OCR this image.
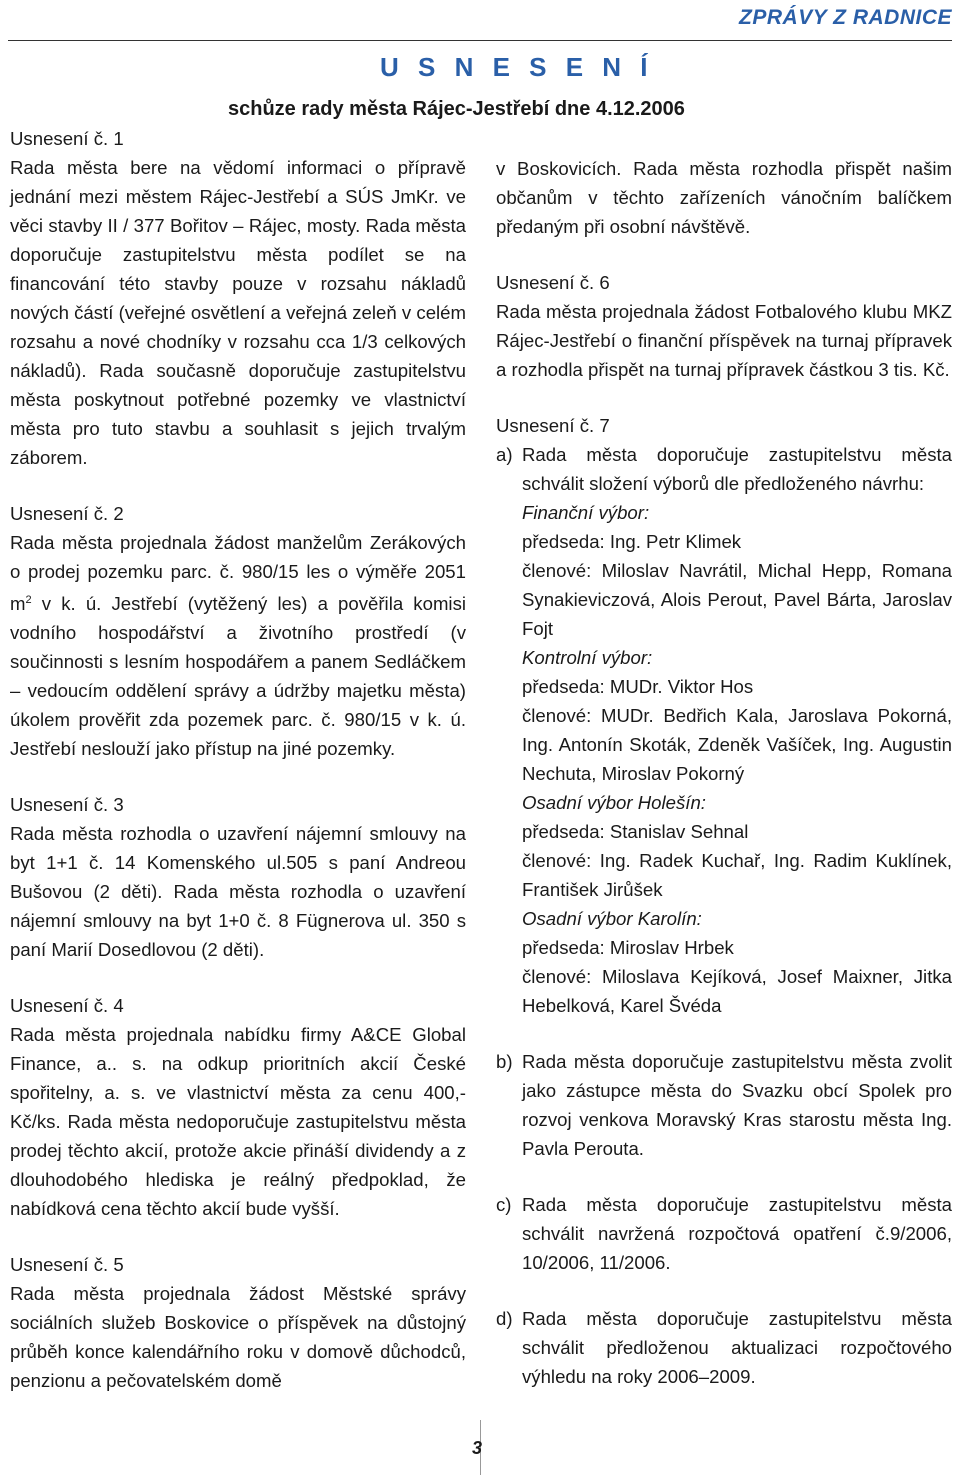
ZPRÁVY Z RADNICE
U S N E S E N Í
schůze rady města Rájec-Jestřebí dne 4.12.2006
Usnesení č. 1
Rada města bere na vědomí informaci o přípravě jednání mezi městem Rájec-Jestřebí a SÚS JmKr. ve věci stavby II / 377 Bořitov – Rájec, mosty. Rada města doporučuje zastupitelstvu města podílet se na financování této stavby pouze v rozsahu nákladů nových částí (veřejné osvětlení a veřejná zeleň v celém rozsahu a nové chodníky v rozsahu cca 1/3 celkových nákladů). Rada současně doporučuje zastupitelstvu města poskytnout potřebné pozemky ve vlastnictví města pro tuto stavbu a souhlasit s jejich trvalým záborem.
Usnesení č. 2
Rada města projednala žádost manželům Zerákových o prodej pozemku parc. č. 980/15 les o výměře 2051 $m^2$ v k. ú. Jestřebí (vytěžený les) a pověřila komisi vodního hospodářství a životního prostředí (v součinnosti s lesním hospodářem a panem Sedláčkem – vedoucím oddělení správy a údržby majetku města) úkolem prověřit zda pozemek parc. č. 980/15 v k. ú. Jestřebí neslouží jako přístup na jiné pozemky.
Usnesení č. 3
Rada města rozhodla o uzavření nájemní smlouvy na byt 1+1 č. 14 Komenského ul.505 s paní Andreou Bušovou (2 děti). Rada města rozhodla o uzavření nájemní smlouvy na byt 1+0 č. 8 Fügnerova ul. 350 s paní Marií Dosedlovou (2 děti).
Usnesení č. 4
Rada města projednala nabídku firmy A&CE Global Finance, a.. s. na odkup prioritních akcií České spořitelny, a. s. ve vlastnictví města za cenu 400,-Kč/ks. Rada města nedoporučuje zastupitelstvu města prodej těchto akcií, protože akcie přináší dividendy a z dlouhodobého hlediska je reálný předpoklad, že nabídková cena těchto akcií bude vyšší.
Usnesení č. 5
Rada města projednala žádost Městské správy sociálních služeb Boskovice o příspěvek na důstojný průběh konce kalendářního roku v domově důchodců, penzionu a pečovatelském domě
v Boskovicích. Rada města rozhodla přispět našim občanům v těchto zařízeních vánočním balíčkem předaným při osobní návštěvě.
Usnesení č. 6
Rada města projednala žádost Fotbalového klubu MKZ Rájec-Jestřebí o finanční příspěvek na turnaj přípravek a rozhodla přispět na turnaj přípravek částkou 3 tis. Kč.
Usnesení č. 7
a) Rada města doporučuje zastupitelstvu města schválit složení výborů dle předloženého návrhu:
Finanční výbor:
předseda: Ing. Petr Klimek
členové: Miloslav Navrátil, Michal Hepp, Romana Synakieviczová, Alois Perout, Pavel Bárta, Jaroslav Fojt
Kontrolní výbor:
předseda: MUDr. Viktor Hos
členové: MUDr. Bedřich Kala, Jaroslava Pokorná, Ing. Antonín Skoták, Zdeněk Vašíček, Ing. Augustin Nechuta, Miroslav Pokorný
Osadní výbor Holešín:
předseda: Stanislav Sehnal
členové: Ing. Radek Kuchař, Ing. Radim Kuklínek, František Jirůšek
Osadní výbor Karolín:
předseda: Miroslav Hrbek
členové: Miloslava Kejíková, Josef Maixner, Jitka Hebelková, Karel Švéda
b) Rada města doporučuje zastupitelstvu města zvolit jako zástupce města do Svazku obcí Spolek pro rozvoj venkova Moravský Kras starostu města Ing. Pavla Perouta.
c) Rada města doporučuje zastupitelstvu města schválit navržená rozpočtová opatření č.9/2006, 10/2006, 11/2006.
d) Rada města doporučuje zastupitelstvu města schválit předloženou aktualizaci rozpočtového výhledu na roky 2006–2009.
3
